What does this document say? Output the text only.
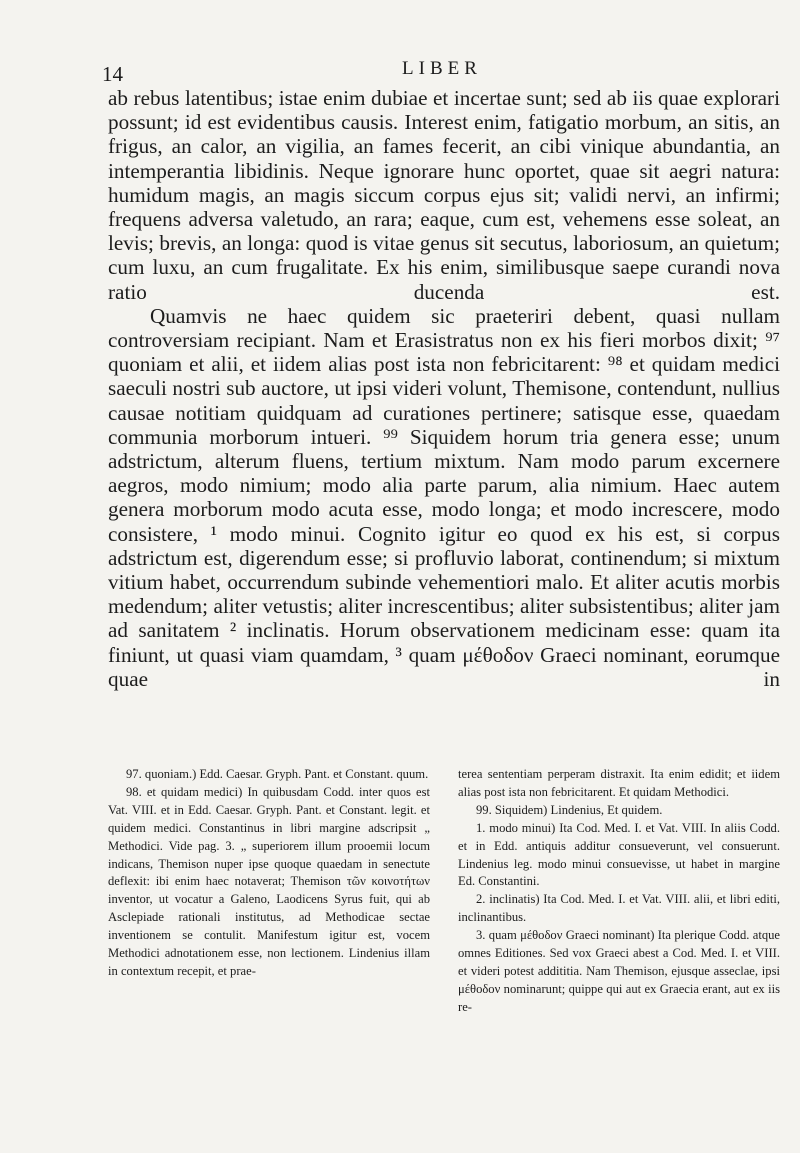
14	LIBER

ab rebus latentibus; istae enim dubiae et incertae sunt; sed ab iis quae explorari possunt; id est evidentibus causis. Interest enim, fatigatio morbum, an sitis, an frigus, an calor, an vigilia, an fames fecerit, an cibi vinique abundantia, an intemperantia libidinis. Neque ignorare hunc oportet, quae sit aegri natura: humidum magis, an magis siccum corpus ejus sit; validi nervi, an infirmi; frequens adversa valetudo, an rara; eaque, cum est, vehemens esse soleat, an levis; brevis, an longa: quod is vitae genus sit secutus, laboriosum, an quietum; cum luxu, an cum frugalitate. Ex his enim, similibusque saepe curandi nova ratio ducenda est.

Quamvis ne haec quidem sic praeteriri debent, quasi nullam controversiam recipiant. Nam et Erasistratus non ex his fieri morbos dixit; ⁹⁷ quoniam et alii, et iidem alias post ista non febricitarent: ⁹⁸ et quidam medici saeculi nostri sub auctore, ut ipsi videri volunt, Themisone, contendunt, nullius causae notitiam quidquam ad curationes pertinere; satisque esse, quaedam communia morborum intueri. ⁹⁹ Siquidem horum tria genera esse; unum adstrictum, alterum fluens, tertium mixtum. Nam modo parum excernere aegros, modo nimium; modo alia parte parum, alia nimium. Haec autem genera morborum modo acuta esse, modo longa; et modo increscere, modo consistere, ¹ modo minui. Cognito igitur eo quod ex his est, si corpus adstrictum est, digerendum esse; si profluvio laborat, continendum; si mixtum vitium habet, occurrendum subinde vehementiori malo. Et aliter acutis morbis medendum; aliter vetustis; aliter increscentibus; aliter subsistentibus; aliter jam ad sanitatem ² inclinatis. Horum observationem medicinam esse: quam ita finiunt, ut quasi viam quamdam, ³ quam μέθοδον Graeci nominant, eorumque quae in

97. quoniam.) Edd. Caesar. Gryph. Pant. et Constant. quum.

98. et quidam medici) In quibusdam Codd. inter quos est Vat. VIII. et in Edd. Caesar. Gryph. Pant. et Constant. legit. et quidem medici. Constantinus in libri margine adscripsit „ Methodici. Vide pag. 3. „ superiorem illum prooemii locum indicans, Themison nuper ipse quoque quaedam in senectute deflexit: ibi enim haec notaverat; Themison τῶν κοινοτήτων inventor, ut vocatur a Galeno, Laodicens Syrus fuit, qui ab Asclepiade rationali institutus, ad Methodicae sectae inventionem se contulit. Manifestum igitur est, vocem Methodici adnotationem esse, non lectionem. Lindenius illam in contextum recepit, et prae-

terea sententiam perperam distraxit. Ita enim edidit; et iidem alias post ista non febricitarent. Et quidam Methodici.

99. Siquidem) Lindenius, Et quidem.

1. modo minui) Ita Cod. Med. I. et Vat. VIII. In aliis Codd. et in Edd. antiquis additur consueverunt, vel consuerunt. Lindenius leg. modo minui consuevisse, ut habet in margine Ed. Constantini.

2. inclinatis) Ita Cod. Med. I. et Vat. VIII. alii, et libri editi, inclinantibus.

3. quam μέθοδον Graeci nominant) Ita plerique Codd. atque omnes Editiones. Sed vox Graeci abest a Cod. Med. I. et VIII. et videri potest addititia. Nam Themison, ejusque asseclae, ipsi μέθοδον nominarunt; quippe qui aut ex Graecia erant, aut ex iis re-
